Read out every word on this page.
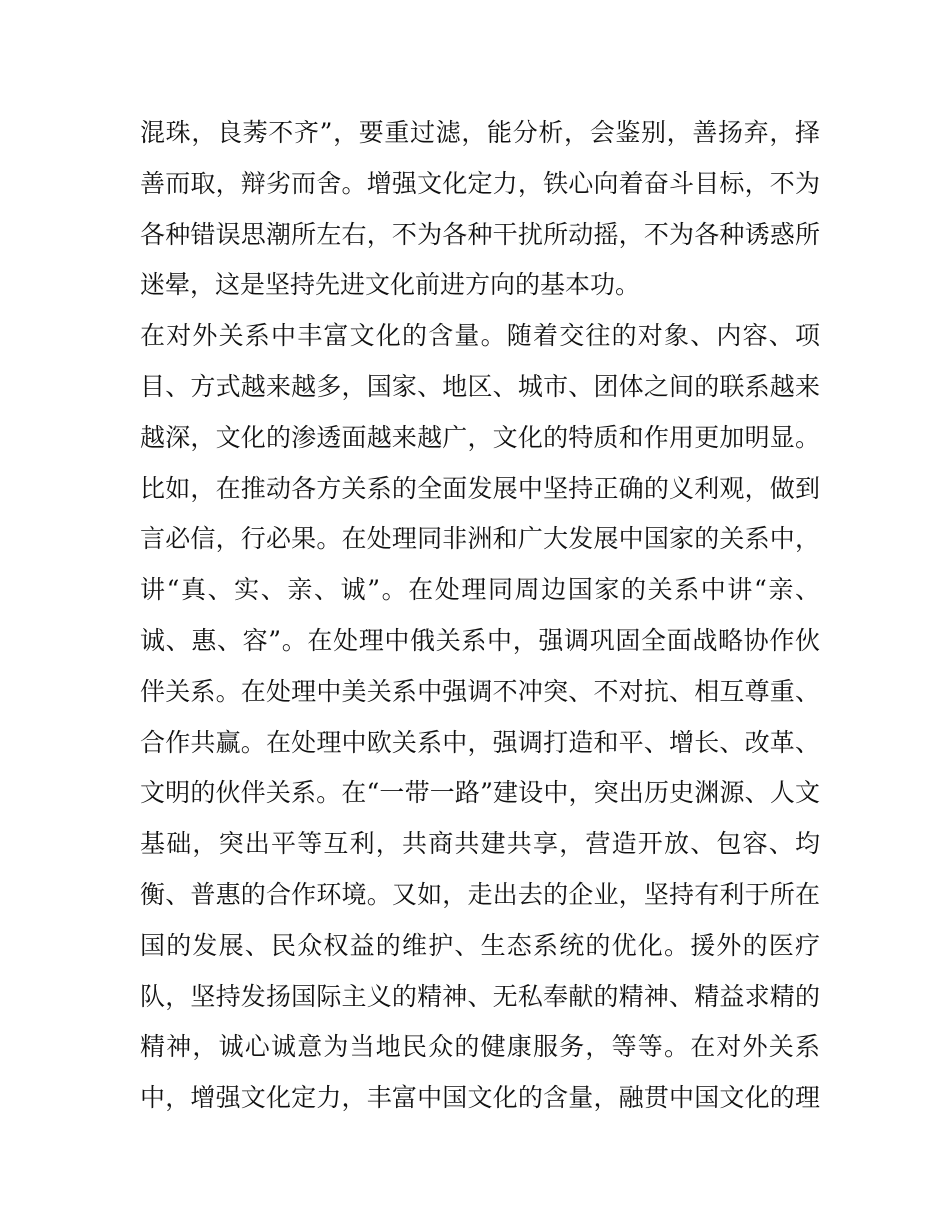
混珠，良莠不齐”，要重过滤，能分析，会鉴别，善扬弃，择
善而取，辩劣而舍。增强文化定力，铁心向着奋斗目标，不为
各种错误思潮所左右，不为各种干扰所动摇，不为各种诱惑所
迷晕，这是坚持先进文化前进方向的基本功。
在对外关系中丰富文化的含量。随着交往的对象、内容、项
目、方式越来越多，国家、地区、城市、团体之间的联系越来
越深，文化的渗透面越来越广，文化的特质和作用更加明显。
比如，在推动各方关系的全面发展中坚持正确的义利观，做到
言必信，行必果。在处理同非洲和广大发展中国家的关系中，
讲“真、实、亲、诚”。在处理同周边国家的关系中讲“亲、
诚、惠、容”。在处理中俄关系中，强调巩固全面战略协作伙
伴关系。在处理中美关系中强调不冲突、不对抗、相互尊重、
合作共赢。在处理中欧关系中，强调打造和平、增长、改革、
文明的伙伴关系。在“一带一路”建设中，突出历史渊源、人文
基础，突出平等互利，共商共建共享，营造开放、包容、均
衡、普惠的合作环境。又如，走出去的企业，坚持有利于所在
国的发展、民众权益的维护、生态系统的优化。援外的医疗
队，坚持发扬国际主义的精神、无私奉献的精神、精益求精的
精神，诚心诚意为当地民众的健康服务，等等。在对外关系
中，增强文化定力，丰富中国文化的含量，融贯中国文化的理
